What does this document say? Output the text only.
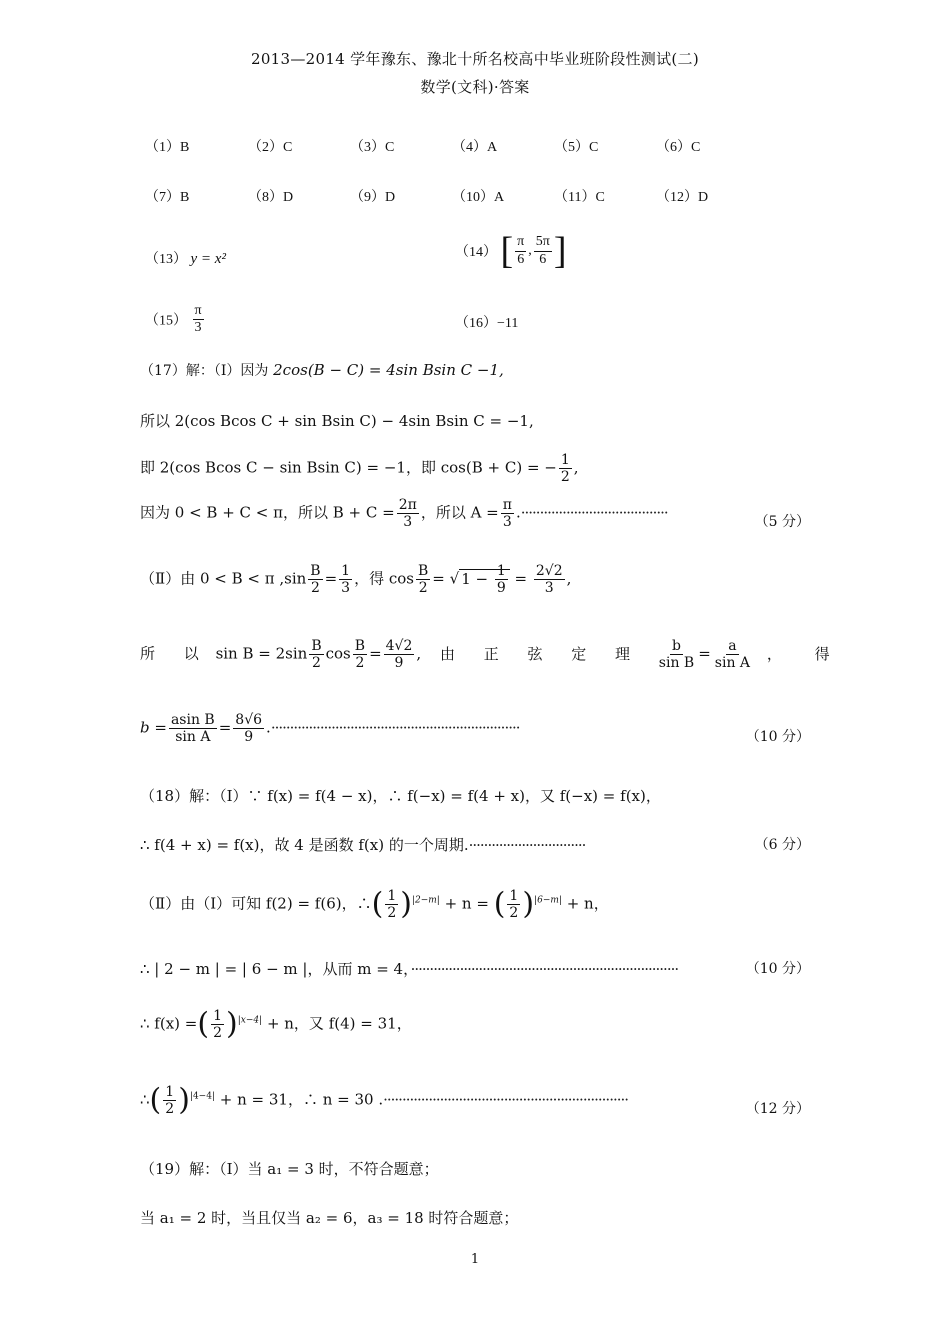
2013—2014 学年豫东、豫北十所名校高中毕业班阶段性测试(二)
数学(文科)·答案
（1）B	（2）C	（3）C	（4）A	（5）C	（6）C
（7）B	（8）D	（9）D	（10）A	（11）C	（12）D
（13） y = x²	（14） [ $\frac{\pi}{6}$ , $\frac{5\pi}{6}$ ]
$(15) \frac{\pi}{3}$	（16）−11
（17）解：（Ⅰ）因为 2cos(B − C) = 4sin Bsin C −1,
所以 2(cos Bcos C + sin Bsin C) − 4sin Bsin C = −1,
即 2(cos Bcos C − sin Bsin C) = −1，即 cos(B + C) = − $\frac{1}{2}$ ,
因为 0 < B + C < π，所以 $B + C = \frac{2\pi}{3}$ ，所以 $A = \frac{\pi}{3}$ .·······································
（5 分）
（Ⅱ）由 0 < B < π $,\sin \frac{B}{2} = \frac{1}{3}$ ，得 $\cos \frac{B}{2}$ = √ $1 - \frac{1}{9} = \frac{2√2}{3}$ ,
所 以 $\sin B = 2\sin \frac{B}{2}$ $\cos \frac{B}{2} = \frac{4√2}{9}$ , 由 正 弦 定 理 $\frac{b}{\text{sin B}} = \frac{a}{\text{sin A}}$ ， 得
$b = \frac{\text{asin B}}{\text{sin A}} = \frac{8√6}{9}$ .··································································
（10 分）
（18）解：（Ⅰ）∵ f(x) = f(4 − x)，∴ f(−x) = f(4 + x)，又 f(−x) = f(x)，
∴ f(4 + x) = f(x)，故 4 是函数 f(x) 的一个周期.·······························	（6 分）
（Ⅱ）由（Ⅰ）可知 f(2) = f(6)，∴( $\frac{1}{2} )^{|2-m|} + n$ = ( $\frac{1}{2} )^{|6-m|} + n$，
∴ | 2 − m | = | 6 − m |，从而 m = 4，·······································································	（10 分）
∴ f(x) =( $\frac{1}{2} )^{|x-4|} + n$，又 f(4) = 31，
∴( $\frac{1}{2} )^{|4-4|} + n = 31$，∴ n = 30 .·································································
（12 分）
（19）解：（Ⅰ）当 a₁ = 3 时，不符合题意；
当 a₁ = 2 时，当且仅当 a₂ = 6，a₃ = 18 时符合题意；
1
